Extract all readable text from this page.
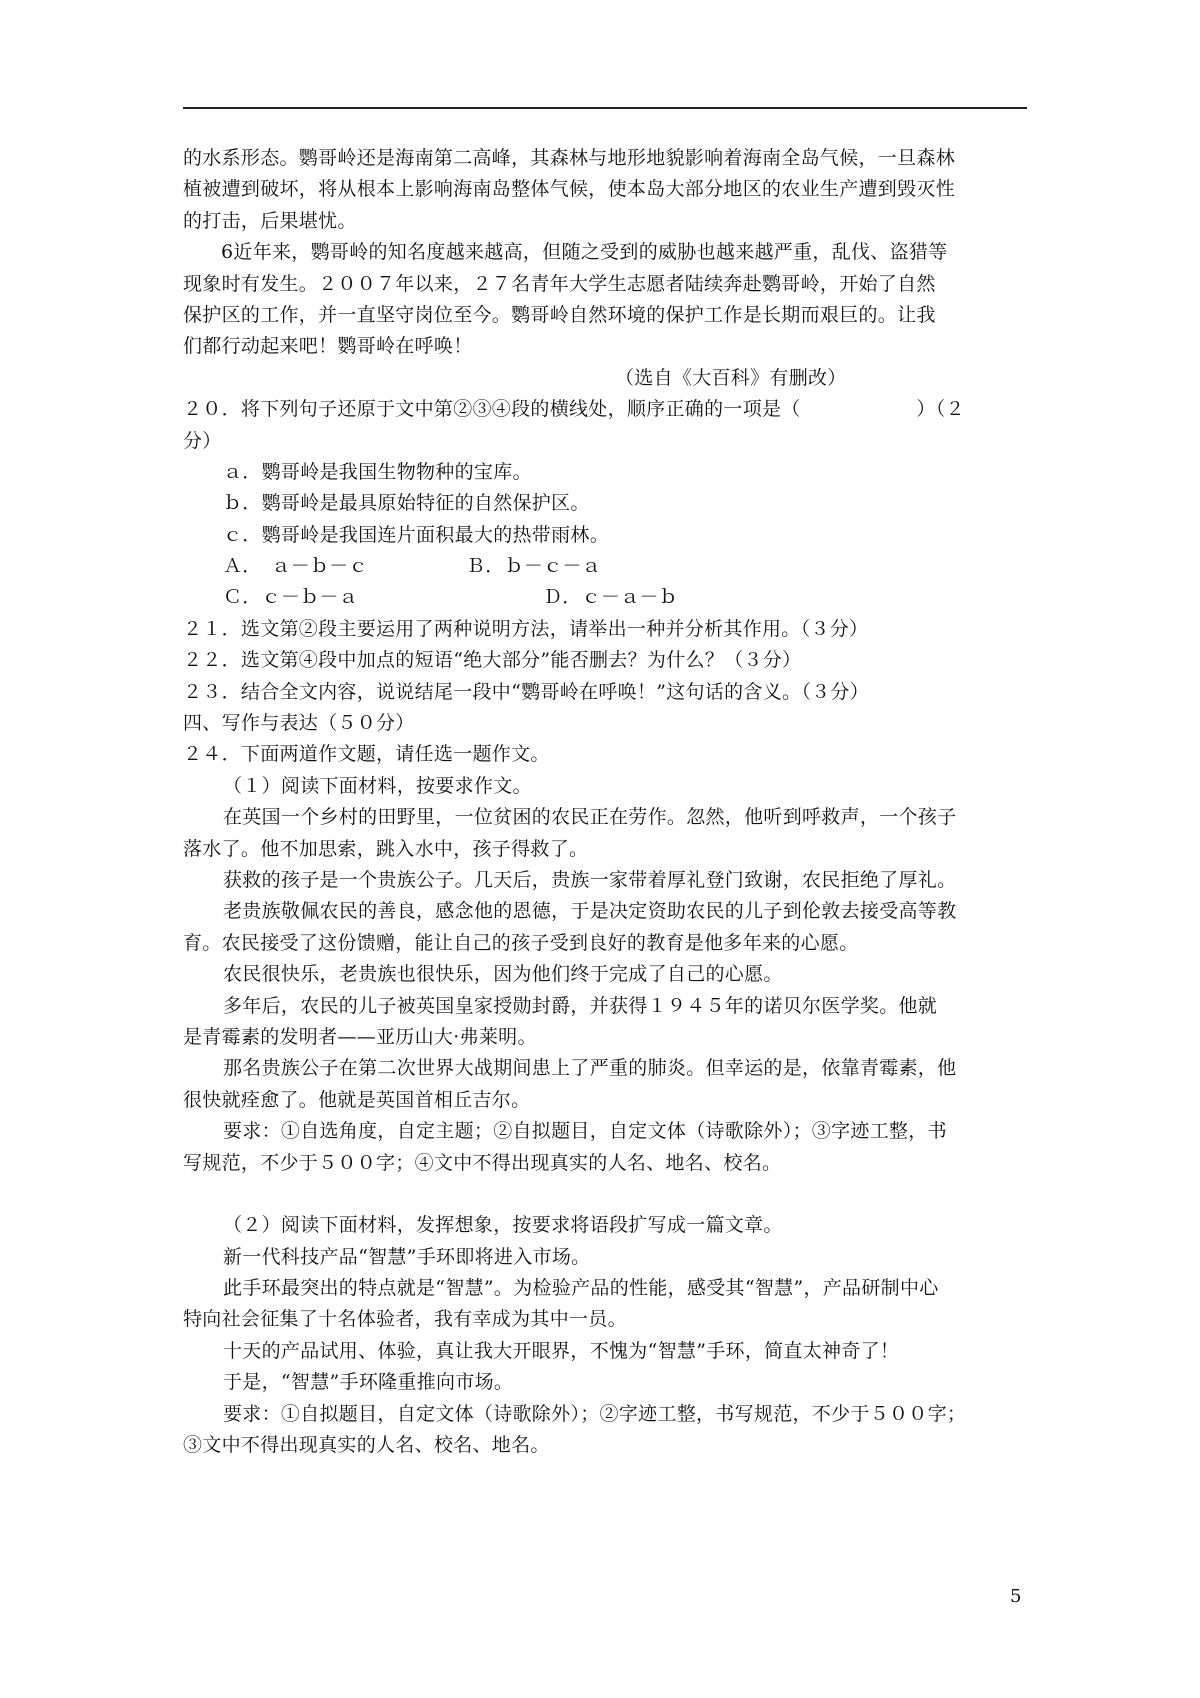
的水系形态。鹦哥岭还是海南第二高峰，其森林与地形地貌影响着海南全岛气候，一旦森林
植被遭到破坏，将从根本上影响海南岛整体气候，使本岛大部分地区的农业生产遭到毁灭性
的打击，后果堪忧。
6近年来，鹦哥岭的知名度越来越高，但随之受到的威胁也越来越严重，乱伐、盗猎等
现象时有发生。２００７年以来，２７名青年大学生志愿者陆续奔赴鹦哥岭，开始了自然
保护区的工作，并一直坚守岗位至今。鹦哥岭自然环境的保护工作是长期而艰巨的。让我
们都行动起来吧！鹦哥岭在呼唤！
（选自《大百科》有删改）
２０．将下列句子还原于文中第②③④段的横线处，顺序正确的一项是（　　　　　　）（２
分）
ａ．鹦哥岭是我国生物物种的宝库。
ｂ．鹦哥岭是最具原始特征的自然保护区。
ｃ．鹦哥岭是我国连片面积最大的热带雨林。
Ａ．　ａ－ｂ－ｃ	Ｂ．ｂ－ｃ－ａ
Ｃ．ｃ－ｂ－ａ	Ｄ．ｃ－ａ－ｂ
２１．选文第②段主要运用了两种说明方法，请举出一种并分析其作用。（３分）
２２．选文第④段中加点的短语“绝大部分”能否删去？为什么？（３分）
２３．结合全文内容，说说结尾一段中“鹦哥岭在呼唤！”这句话的含义。（３分）
四、写作与表达（５０分）
２４．下面两道作文题，请任选一题作文。
（１）阅读下面材料，按要求作文。
在英国一个乡村的田野里，一位贫困的农民正在劳作。忽然，他听到呼救声，一个孩子
落水了。他不加思索，跳入水中，孩子得救了。
获救的孩子是一个贵族公子。几天后，贵族一家带着厚礼登门致谢，农民拒绝了厚礼。
老贵族敬佩农民的善良，感念他的恩德，于是决定资助农民的儿子到伦敦去接受高等教
育。农民接受了这份馈赠，能让自己的孩子受到良好的教育是他多年来的心愿。
农民很快乐，老贵族也很快乐，因为他们终于完成了自己的心愿。
多年后，农民的儿子被英国皇家授勋封爵，并获得１９４５年的诺贝尔医学奖。他就
是青霉素的发明者——亚历山大·弗莱明。
那名贵族公子在第二次世界大战期间患上了严重的肺炎。但幸运的是，依靠青霉素，他
很快就痊愈了。他就是英国首相丘吉尔。
要求：①自选角度，自定主题；②自拟题目，自定文体（诗歌除外）；③字迹工整，书
写规范，不少于５００字；④文中不得出现真实的人名、地名、校名。
（２）阅读下面材料，发挥想象，按要求将语段扩写成一篇文章。
新一代科技产品“智慧”手环即将进入市场。
此手环最突出的特点就是“智慧”。为检验产品的性能，感受其“智慧”，产品研制中心
特向社会征集了十名体验者，我有幸成为其中一员。
十天的产品试用、体验，真让我大开眼界，不愧为“智慧”手环，简直太神奇了！
于是，“智慧”手环隆重推向市场。
要求：①自拟题目，自定文体（诗歌除外）；②字迹工整，书写规范，不少于５００字；
③文中不得出现真实的人名、校名、地名。
5
